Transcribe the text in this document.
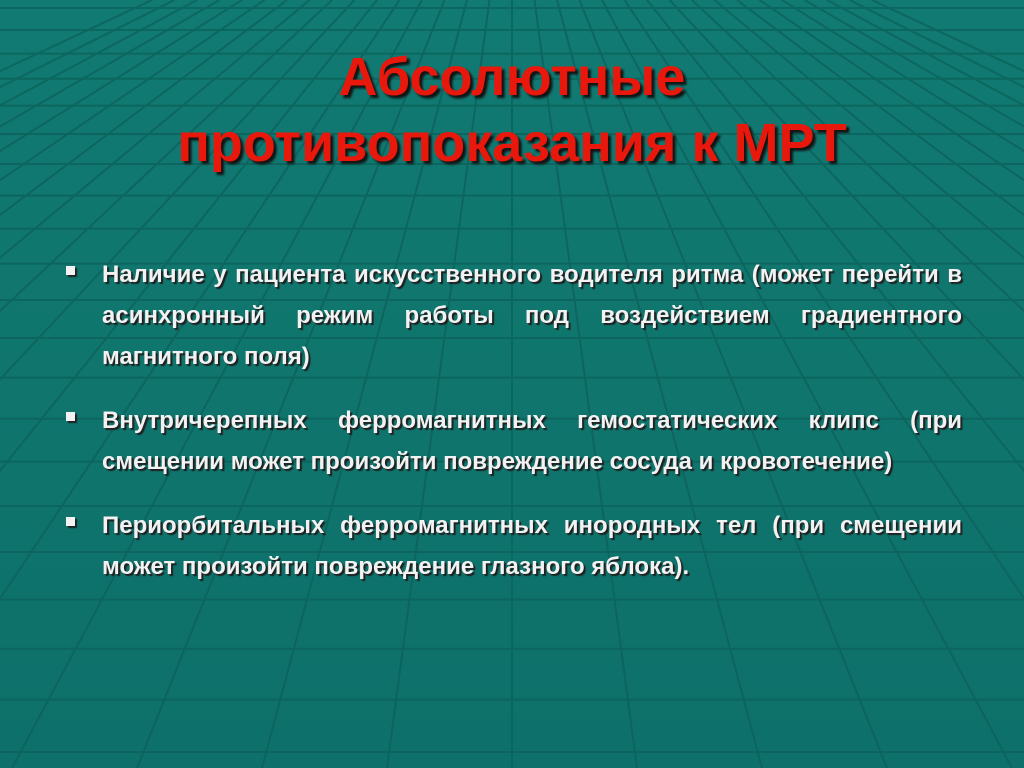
Абсолютные
противопоказания к МРТ
Наличие у пациента искусственного водителя ритма (может перейти в асинхронный режим работы под воздействием градиентного магнитного поля)
Внутричерепных ферромагнитных гемостатических клипс (при смещении может произойти повреждение сосуда и кровотечение)
Периорбитальных ферромагнитных инородных тел (при смещении может произойти повреждение глазного яблока).
